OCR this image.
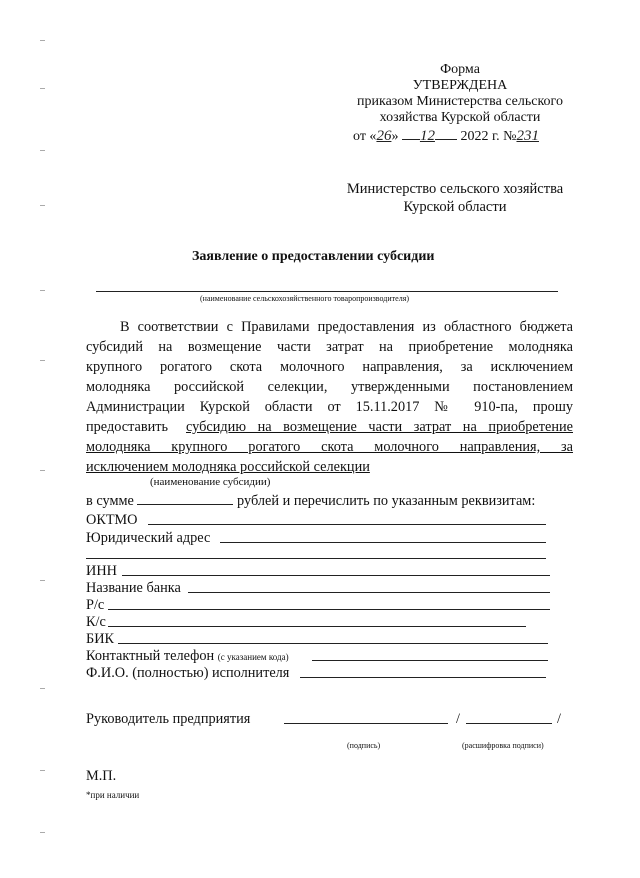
Форма
УТВЕРЖДЕНА
приказом Министерства сельского
хозяйства Курской области
от «26» 12 2022 г. №231
Министерство сельского хозяйства
Курской области
Заявление о предоставлении субсидии
(наименование сельскохозяйственного товаропроизводителя)
В соответствии с Правилами предоставления из областного бюджета
субсидий на возмещение части затрат на приобретение молодняка
крупного рогатого скота молочного направления, за исключением
молодняка российской селекции, утвержденными постановлением
Администрации Курской области от 15.11.2017 № 910-па, прошу
предоставить субсидию на возмещение части затрат на приобретение
молодняка крупного рогатого скота молочного направления, за
исключением молодняка российской селекции
(наименование субсидии)
в сумме	рублей и перечислить по указанным реквизитам:
ОКТМО
Юридический адрес
ИНН
Название банка
Р/с
К/с
БИК
Контактный телефон (с указанием кода)
Ф.И.О. (полностью) исполнителя
Руководитель предприятия	/	/
(подпись)	(расшифровка подписи)
М.П.
*при наличии
